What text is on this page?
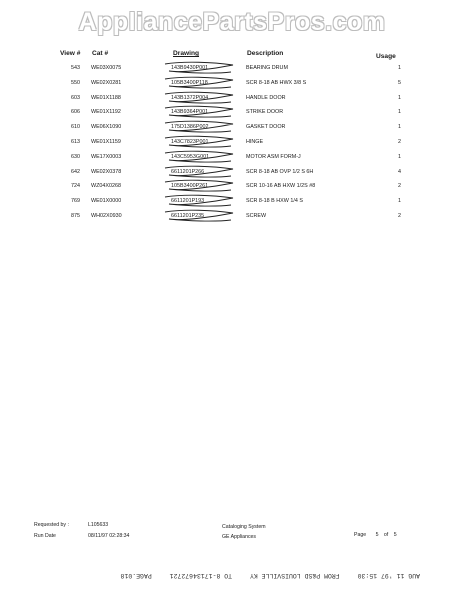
AppliancePartsPros.com
View # Cat #	Drawing	Description	Usage
543 WE03X0075	143B9430P001	BEARING DRUM	1
550 WE02X0281	105B3400P118	SCR 8-18 AB HWX 3/8 S	5
603 WE01X1188	143B1372P004	HANDLE DOOR	1
606 WE01X1192	143B9364P001	STRIKE DOOR	1
610 WE06X1090	175D1386P002	GASKET DOOR	1
613 WE01X1159	143C7823P001	HINGE	2
630 WE17X0003	143C5953G001	MOTOR ASM FORM-J	1
642 WE02X0378	6611201P266	SCR 8-18 AB OVP 1/2 S 6H	4
724 WZ04X0268	105B3400P261	SCR 10-16 AB HXW 1/2S #8	2
769 WE01X0000	6611201P193	SCR 8-18 B HXW 1/4 S	1
875 WH02X0930	6611201P235	SCREW	2
Requested by :	L105633
Run Date	08/11/97 02:28:34
Cataloging System
GE Appliances	Page 5 of 5
AUG 11 '97 15:30 FROM P&SD LOUISVILLE KY TO 8-17134672721 PAGE.018
